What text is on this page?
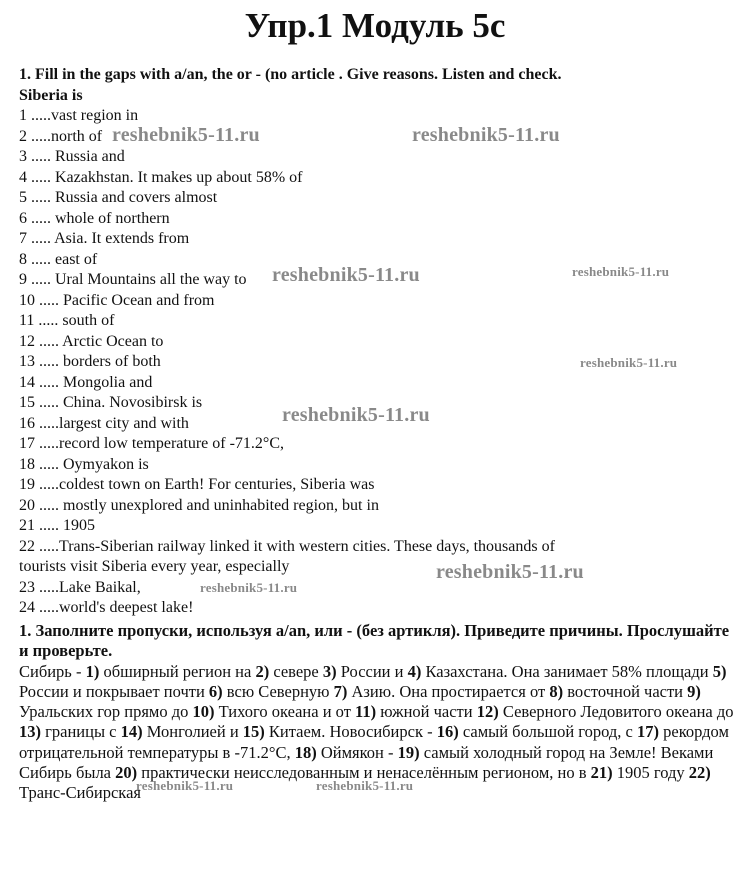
Упр.1 Модуль 5с
1. Fill in the gaps with a/an, the or - (no article . Give reasons. Listen and check.
Siberia is
1 .....vast region in
2 .....north of
3 ..... Russia and
4 ..... Kazakhstan. It makes up about 58% of
5 ..... Russia and covers almost
6 ..... whole of northern
7 ..... Asia. It extends from
8 ..... east of
9 ..... Ural Mountains all the way to
10 ..... Pacific Ocean and from
11 ..... south of
12 ..... Arctic Ocean to
13 ..... borders of both
14 ..... Mongolia and
15 ..... China. Novosibirsk is
16 .....largest city and with
17 .....record low temperature of -71.2°C,
18 ..... Oymyakon is
19 .....coldest town on Earth! For centuries, Siberia was
20 ..... mostly unexplored and uninhabited region, but in
21 ..... 1905
22 .....Trans-Siberian railway linked it with western cities. These days, thousands of
tourists visit Siberia every year, especially
23 .....Lake Baikal,
24 .....world's deepest lake!
1. Заполните пропуски, используя a/an, или - (без артикля). Приведите причины. Прослушайте и проверьте.
Сибирь - 1) обширный регион на 2) севере 3) России и 4) Казахстана. Она занимает 58% площади 5) России и покрывает почти 6) всю Северную 7) Азию. Она простирается от 8) восточной части 9) Уральских гор прямо до 10) Тихого океана и от 11) южной части 12) Северного Ледовитого океана до 13) границы с 14) Монголией и 15) Китаем. Новосибирск - 16) самый большой город, с 17) рекордом отрицательной температуры в -71.2°C, 18) Оймякон - 19) самый холодный город на Земле! Веками Сибирь была 20) практически неисследованным и ненаселённым регионом, но в 21) 1905 году 22) Транс-Сибирская
reshebnik5-11.ru	reshebnik5-11.ru
reshebnik5-11.ru	reshebnik5-11.ru
reshebnik5-11.ru
reshebnik5-11.ru
reshebnik5-11.ru
reshebnik5-11.ru
reshebnik5-11.ru	reshebnik5-11.ru
